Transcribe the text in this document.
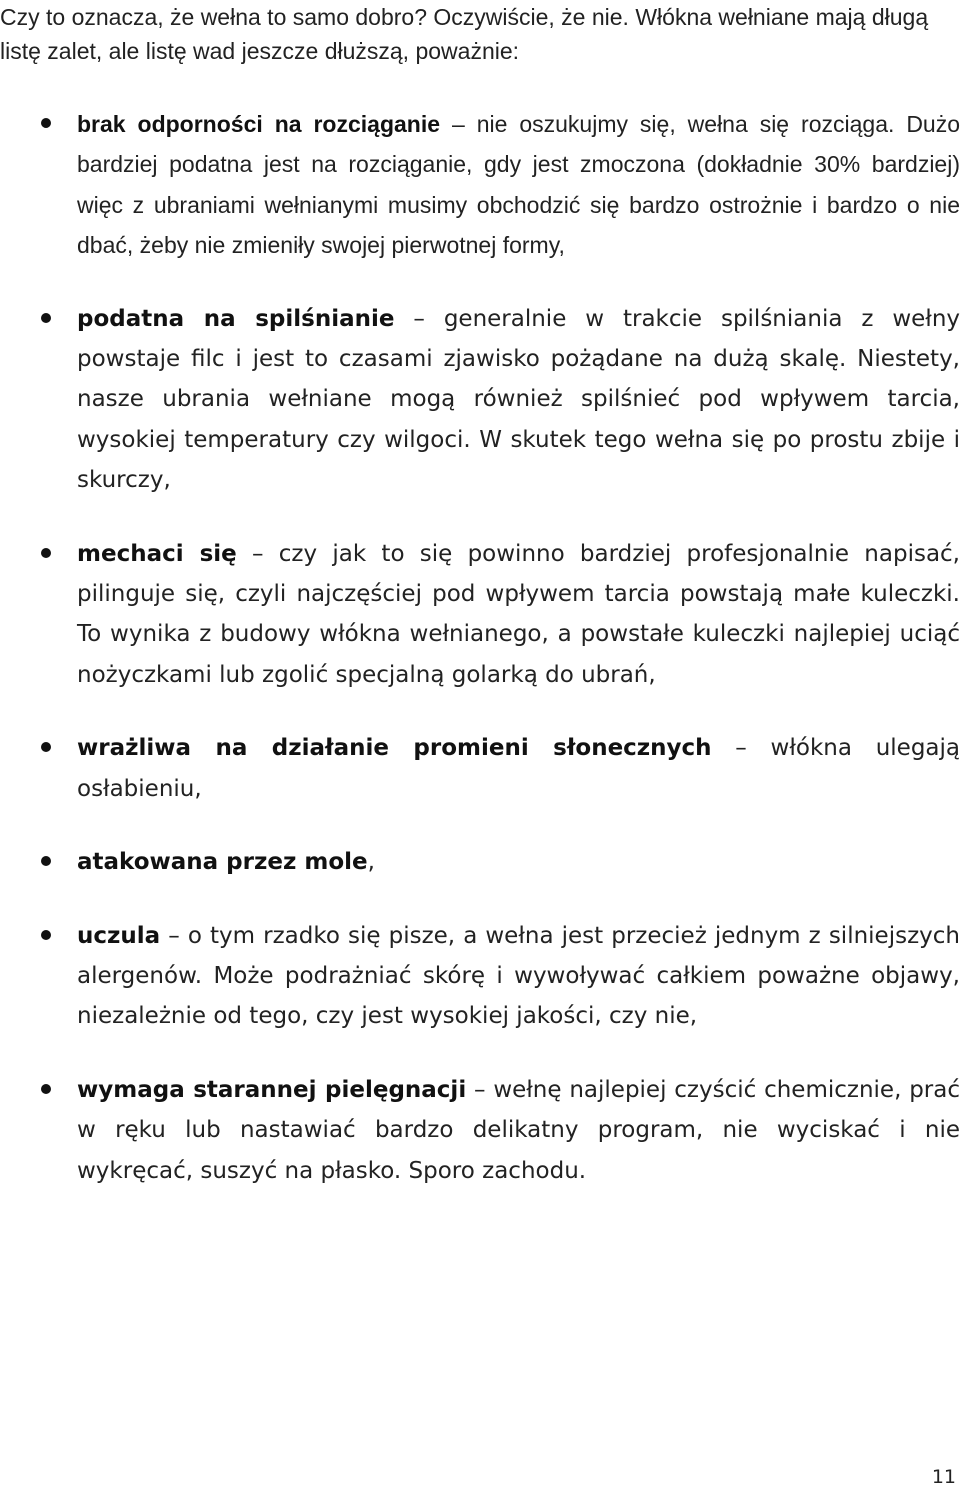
Czy to oznacza, że wełna to samo dobro? Oczywiście, że nie. Włókna wełniane mają długą listę zalet, ale listę wad jeszcze dłuższą, poważnie:

brak odporności na rozciąganie – nie oszukujmy się, wełna się rozciąga. Dużo bardziej podatna jest na rozciąganie, gdy jest zmoczona (dokładnie 30% bardziej) więc z ubraniami wełnianymi musimy obchodzić się bardzo ostrożnie i bardzo o nie dbać, żeby nie zmieniły swojej pierwotnej formy,
podatna na spilśnianie – generalnie w trakcie spilśniania z wełny powstaje filc i jest to czasami zjawisko pożądane na dużą skalę. Niestety, nasze ubrania wełniane mogą również spilśnieć pod wpływem tarcia, wysokiej temperatury czy wilgoci. W skutek tego wełna się po prostu zbije i skurczy,
mechaci się – czy jak to się powinno bardziej profesjonalnie napisać, pilinguje się, czyli najczęściej pod wpływem tarcia powstają małe kuleczki. To wynika z budowy włókna wełnianego, a powstałe kuleczki najlepiej uciąć nożyczkami lub zgolić specjalną golarką do ubrań,
wrażliwa na działanie promieni słonecznych – włókna ulegają osłabieniu,
atakowana przez mole,
uczula – o tym rzadko się pisze, a wełna jest przecież jednym z silniejszych alergenów. Może podrażniać skórę i wywoływać całkiem poważne objawy, niezależnie od tego, czy jest wysokiej jakości, czy nie,
wymaga starannej pielęgnacji – wełnę najlepiej czyścić chemicznie, prać w ręku lub nastawiać bardzo delikatny program, nie wyciskać i nie wykręcać, suszyć na płasko. Sporo zachodu.
11
